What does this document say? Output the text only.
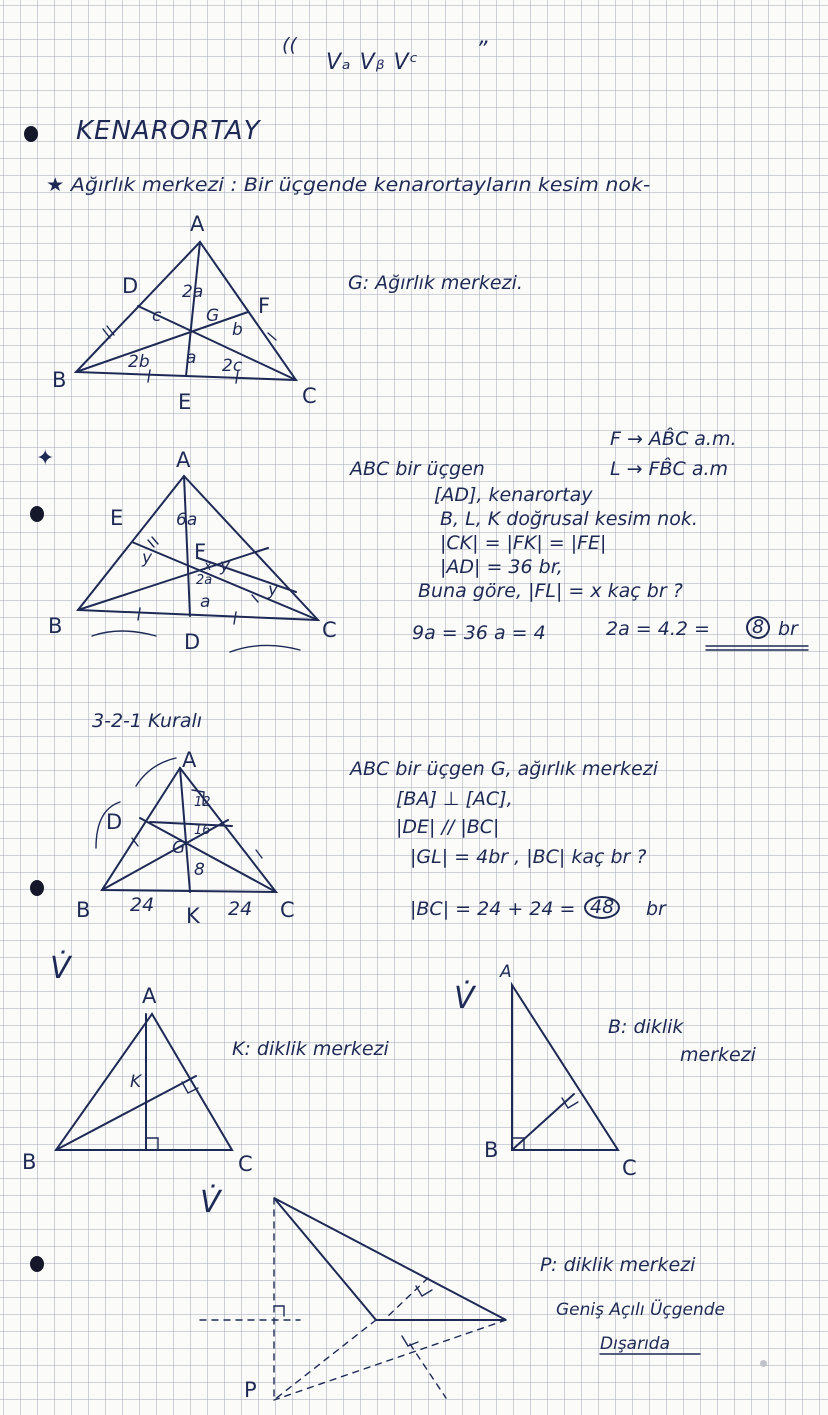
((
Vₐ Vᵦ Vᶜ	”
KENARORTAY
★ Ağırlık merkezi : Bir üçgende kenarortayların kesim nok-
A
B
C
D
E
F
G
2a
c
b
a
2b	2c
G: Ağırlık merkezi.
✦	A
B	C
D
E
F
6a
2a
a
x
y	y
y
F → AB̂C a.m.
L → FB̂C a.m
ABC bir üçgen
[AD], kenarortay
B, L, K doğrusal kesim nok.
|CK| = |FK| = |FE|
|AD| = 36 br,
Buna göre, |FL| = x kaç br ?
9a = 36 a = 4	2a = 4.2 =	8 br
3-2-1 Kuralı
A
B	C
D
G
K
12
16
8
24	24
ABC bir üçgen G, ağırlık merkezi
[BA] ⊥ [AC],
|DE| // |BC|
|GL| = 4br , |BC| kaç br ?
|BC| = 24 + 24 = 48	br
V̇
A
B	C
K
K: diklik merkezi
V̇
A
B
C
B: diklik
merkezi
V̇
P
P: diklik merkezi
Geniş Açılı Üçgende
Dışarıda
